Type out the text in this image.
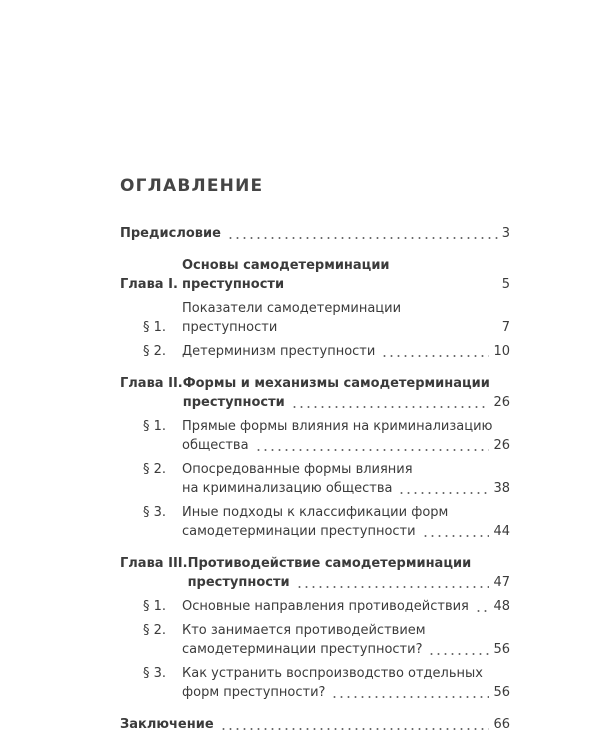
ОГЛАВЛЕНИЕ
Предисловие	3
Глава I.
Основы самодетерминации преступности	5
§ 1.
Показатели самодетерминации преступности	7
§ 2.	Детерминизм преступности	10
Глава II. Формы и механизмы самодетерминации
преступности	26
§ 1.	Прямые формы влияния на криминализацию
общества	26
§ 2.	Опосредованные формы влияния
на криминализацию общества	38
§ 3.	Иные подходы к классификации форм
самодетерминации преступности	44
Глава III. Противодействие самодетерминации
преступности	47
§ 1.	Основные направления противодействия 48
§ 2.	Кто занимается противодействием
самодетерминации преступности?	56
§ 3.	Как устранить воспроизводство отдельных
форм преступности?	56
Заключение	66
